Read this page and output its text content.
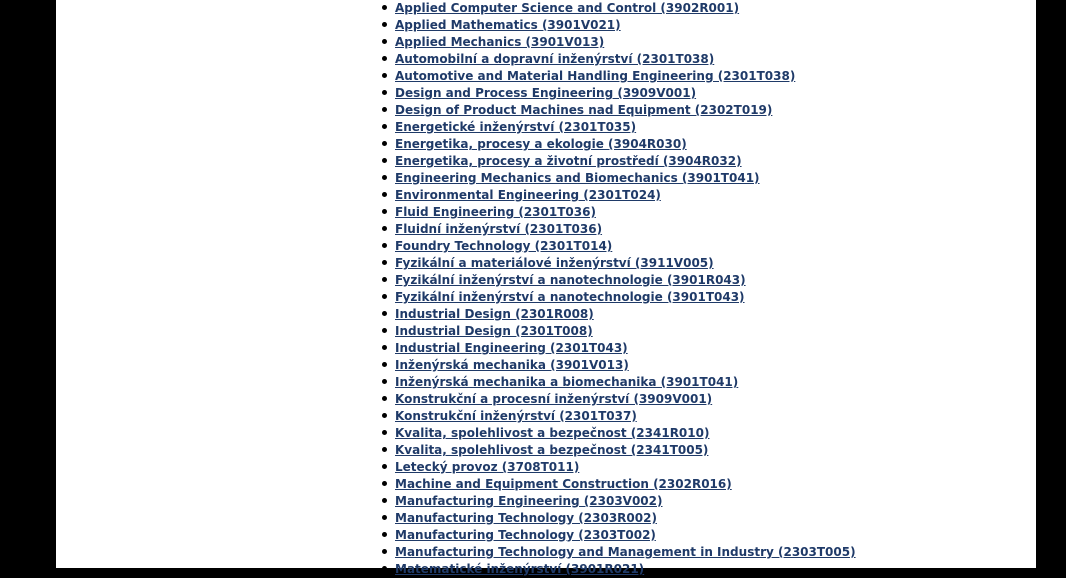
Applied Computer Science and Control (3902R001)
Applied Mathematics (3901V021)
Applied Mechanics (3901V013)
Automobilní a dopravní inženýrství (2301T038)
Automotive and Material Handling Engineering (2301T038)
Design and Process Engineering (3909V001)
Design of Product Machines nad Equipment (2302T019)
Energetické inženýrství (2301T035)
Energetika, procesy a ekologie (3904R030)
Energetika, procesy a životní prostředí (3904R032)
Engineering Mechanics and Biomechanics (3901T041)
Environmental Engineering (2301T024)
Fluid Engineering (2301T036)
Fluidní inženýrství (2301T036)
Foundry Technology (2301T014)
Fyzikální a materiálové inženýrství (3911V005)
Fyzikální inženýrství a nanotechnologie (3901R043)
Fyzikální inženýrství a nanotechnologie (3901T043)
Industrial Design (2301R008)
Industrial Design (2301T008)
Industrial Engineering (2301T043)
Inženýrská mechanika (3901V013)
Inženýrská mechanika a biomechanika (3901T041)
Konstrukční a procesní inženýrství (3909V001)
Konstrukční inženýrství (2301T037)
Kvalita, spolehlivost a bezpečnost (2341R010)
Kvalita, spolehlivost a bezpečnost (2341T005)
Letecký provoz (3708T011)
Machine and Equipment Construction (2302R016)
Manufacturing Engineering (2303V002)
Manufacturing Technology (2303R002)
Manufacturing Technology (2303T002)
Manufacturing Technology and Management in Industry (2303T005)
Matematické inženýrství (3901R021)
